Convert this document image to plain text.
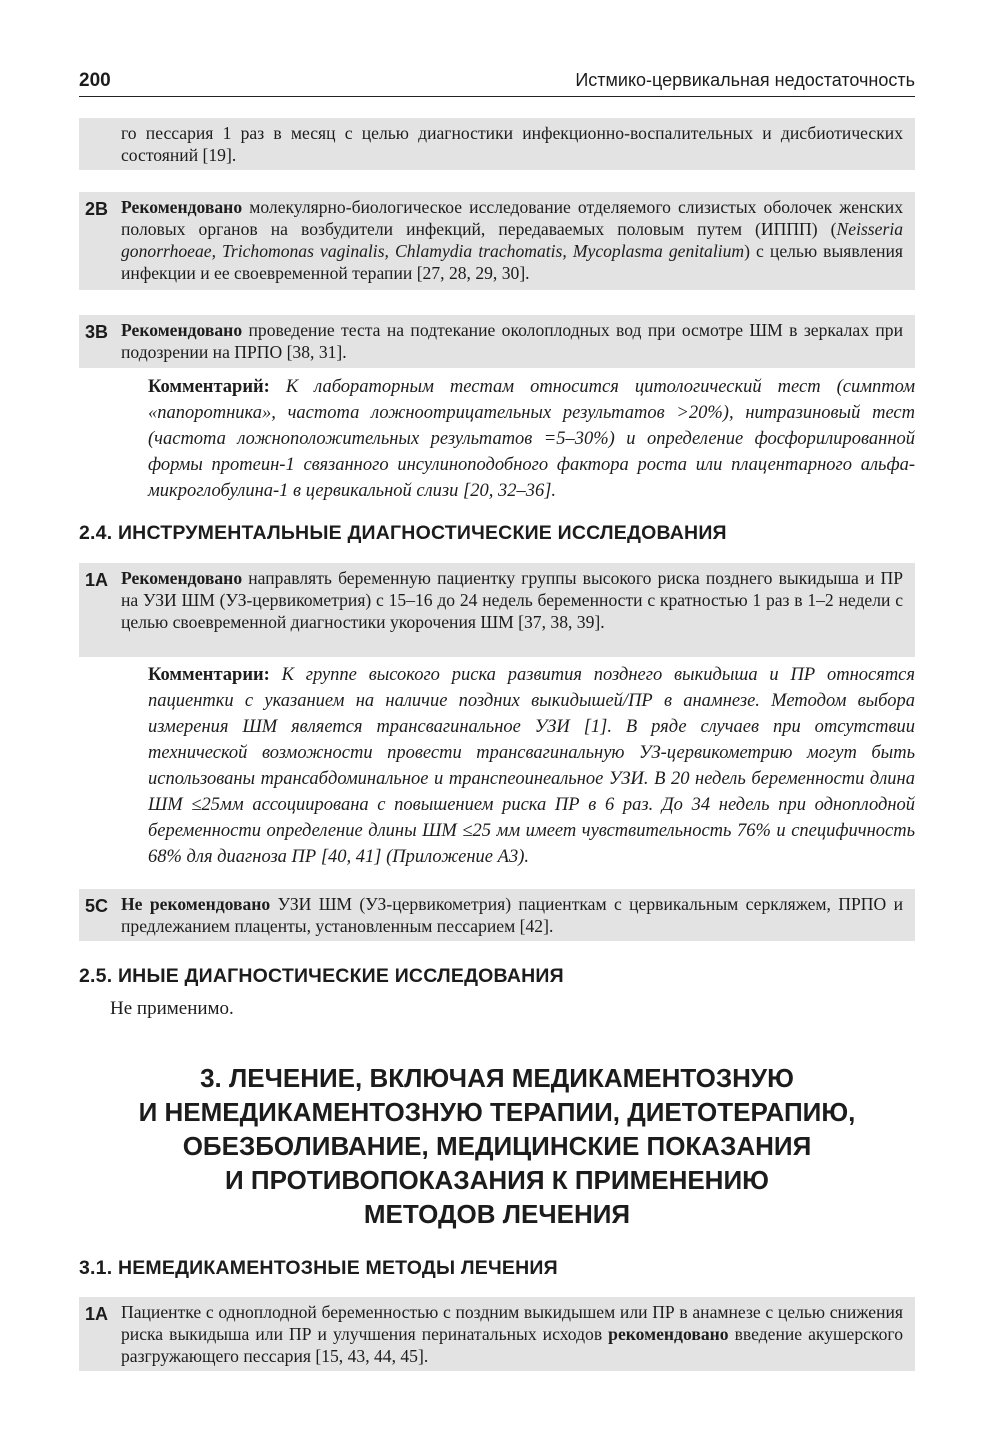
200	Истмико-цервикальная недостаточность
го пессария 1 раз в месяц с целью диагностики инфекционно-воспалительных и дисбиотических состояний [19].
2B Рекомендовано молекулярно-биологическое исследование отделяемого слизистых оболочек женских половых органов на возбудители инфекций, передаваемых половым путем (ИППП) (Neisseria gonorrhoeae, Trichomonas vaginalis, Chlamydia trachomatis, Mycoplasma genitalium) с целью выявления инфекции и ее своевременной терапии [27, 28, 29, 30].
3B Рекомендовано проведение теста на подтекание околоплодных вод при осмотре ШМ в зеркалах при подозрении на ПРПО [38, 31].
Комментарий: К лабораторным тестам относится цитологический тест (симптом «папоротника», частота ложноотрицательных результатов >20%), нитразиновый тест (частота ложноположительных результатов =5–30%) и определение фосфорилированной формы протеин-1 связанного инсулиноподобного фактора роста или плацентарного альфа-микроглобулина-1 в цервикальной слизи [20, 32–36].
2.4. ИНСТРУМЕНТАЛЬНЫЕ ДИАГНОСТИЧЕСКИЕ ИССЛЕДОВАНИЯ
1А Рекомендовано направлять беременную пациентку группы высокого риска позднего выкидыша и ПР на УЗИ ШМ (УЗ-цервикометрия) с 15–16 до 24 недель беременности с кратностью 1 раз в 1–2 недели с целью своевременной диагностики укорочения ШМ [37, 38, 39].
Комментарии: К группе высокого риска развития позднего выкидыша и ПР относятся пациентки с указанием на наличие поздних выкидышей/ПР в анамнезе. Методом выбора измерения ШМ является трансвагинальное УЗИ [1]. В ряде случаев при отсутствии технической возможности провести трансвагинальную УЗ-цервикометрию могут быть использованы трансабдоминальное и транспеоинеальное УЗИ. В 20 недель беременности длина ШМ ≤25мм ассоциирована с повышением риска ПР в 6 раз. До 34 недель при одноплодной беременности определение длины ШМ ≤25 мм имеет чувствительность 76% и специфичность 68% для диагноза ПР [40, 41] (Приложение А3).
5С Не рекомендовано УЗИ ШМ (УЗ-цервикометрия) пациенткам с цервикальным серкляжем, ПРПО и предлежанием плаценты, установленным пессарием [42].
2.5. ИНЫЕ ДИАГНОСТИЧЕСКИЕ ИССЛЕДОВАНИЯ
Не применимо.
3. ЛЕЧЕНИЕ, ВКЛЮЧАЯ МЕДИКАМЕНТОЗНУЮ
И НЕМЕДИКАМЕНТОЗНУЮ ТЕРАПИИ, ДИЕТОТЕРАПИЮ,
ОБЕЗБОЛИВАНИЕ, МЕДИЦИНСКИЕ ПОКАЗАНИЯ
И ПРОТИВОПОКАЗАНИЯ К ПРИМЕНЕНИЮ
МЕТОДОВ ЛЕЧЕНИЯ
3.1. НЕМЕДИКАМЕНТОЗНЫЕ МЕТОДЫ ЛЕЧЕНИЯ
1А Пациентке с одноплодной беременностью с поздним выкидышем или ПР в анамнезе с целью снижения риска выкидыша или ПР и улучшения перинатальных исходов рекомендовано введение акушерского разгружающего пессария [15, 43, 44, 45].
